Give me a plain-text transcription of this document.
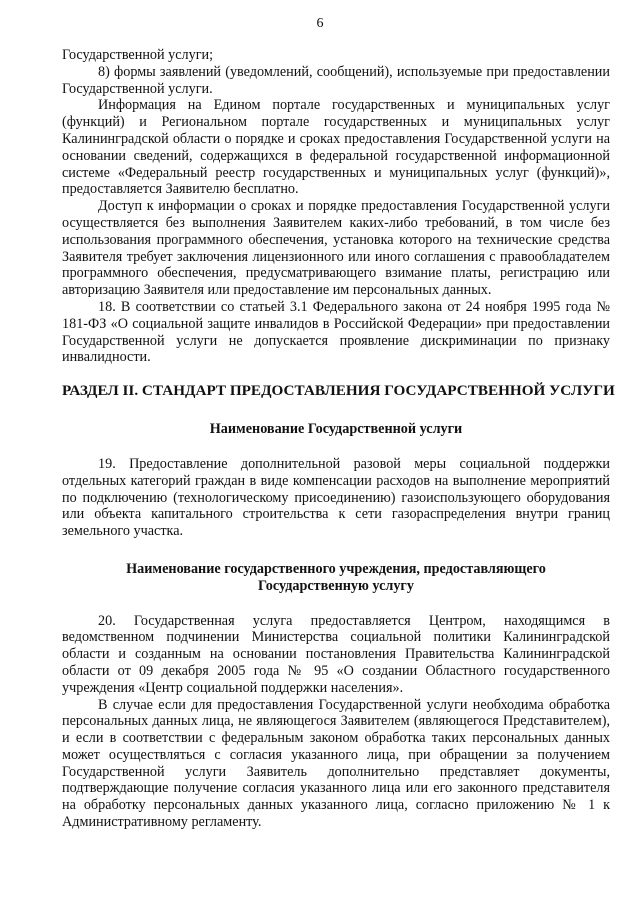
6

Государственной услуги;

8) формы заявлений (уведомлений, сообщений), используемые при предоставлении Государственной услуги.

Информация на Едином портале государственных и муниципальных услуг (функций) и Региональном портале государственных и муниципальных услуг Калининградской области о порядке и сроках предоставления Государственной услуги на основании сведений, содержащихся в федеральной государственной информационной системе «Федеральный реестр государственных и муниципальных услуг (функций)», предоставляется Заявителю бесплатно.

Доступ к информации о сроках и порядке предоставления Государственной услуги осуществляется без выполнения Заявителем каких-либо требований, в том числе без использования программного обеспечения, установка которого на технические средства Заявителя требует заключения лицензионного или иного соглашения с правообладателем программного обеспечения, предусматривающего взимание платы, регистрацию или авторизацию Заявителя или предоставление им персональных данных.

18. В соответствии со статьей 3.1 Федерального закона от 24 ноября 1995 года № 181-ФЗ «О социальной защите инвалидов в Российской Федерации» при предоставлении Государственной услуги не допускается проявление дискриминации по признаку инвалидности.

РАЗДЕЛ II. СТАНДАРТ ПРЕДОСТАВЛЕНИЯ ГОСУДАРСТВЕННОЙ УСЛУГИ

Наименование Государственной услуги

19. Предоставление дополнительной разовой меры социальной поддержки отдельных категорий граждан в виде компенсации расходов на выполнение мероприятий по подключению (технологическому присоединению) газоиспользующего оборудования или объекта капитального строительства к сети газораспределения внутри границ земельного участка.

Наименование государственного учреждения, предоставляющего

Государственную услугу

20. Государственная услуга предоставляется Центром, находящимся в ведомственном подчинении Министерства социальной политики Калининградской области и созданным на основании постановления Правительства Калининградской области от 09 декабря 2005 года № 95 «О создании Областного государственного учреждения «Центр социальной поддержки населения».

В случае если для предоставления Государственной услуги необходима обработка персональных данных лица, не являющегося Заявителем (являющегося Представителем), и если в соответствии с федеральным законом обработка таких персональных данных может осуществляться с согласия указанного лица, при обращении за получением Государственной услуги Заявитель дополнительно представляет документы, подтверждающие получение согласия указанного лица или его законного представителя на обработку персональных данных указанного лица, согласно приложению № 1 к Административному регламенту.
